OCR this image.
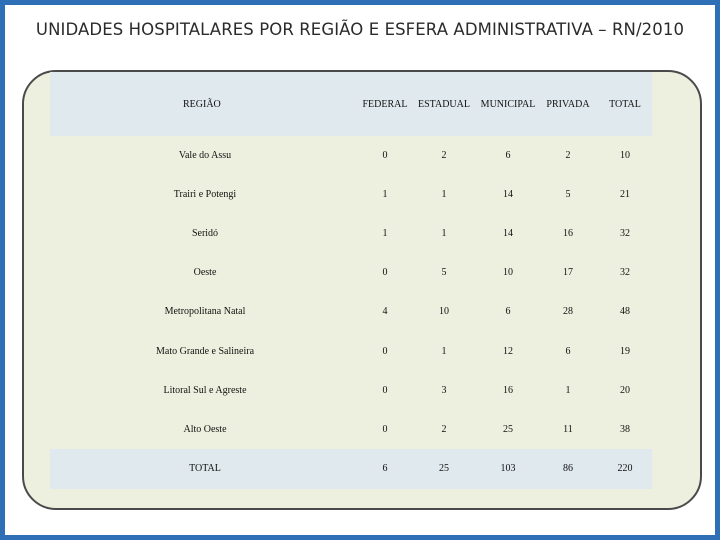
UNIDADES HOSPITALARES POR REGIÃO E ESFERA ADMINISTRATIVA – RN/2010
REGIÃO	FEDERAL	ESTADUAL	MUNICIPAL	PRIVADA	TOTAL
Vale do Assu	0	2	6	2	10
Trairi e Potengi	1	1	14	5	21
Seridó	1	1	14	16	32
Oeste	0	5	10	17	32
Metropolitana Natal	4	10	6	28	48
Mato Grande e Salineira	0	1	12	6	19
Litoral Sul e Agreste	0	3	16	1	20
Alto Oeste	0	2	25	11	38
TOTAL	6	25	103	86	220
